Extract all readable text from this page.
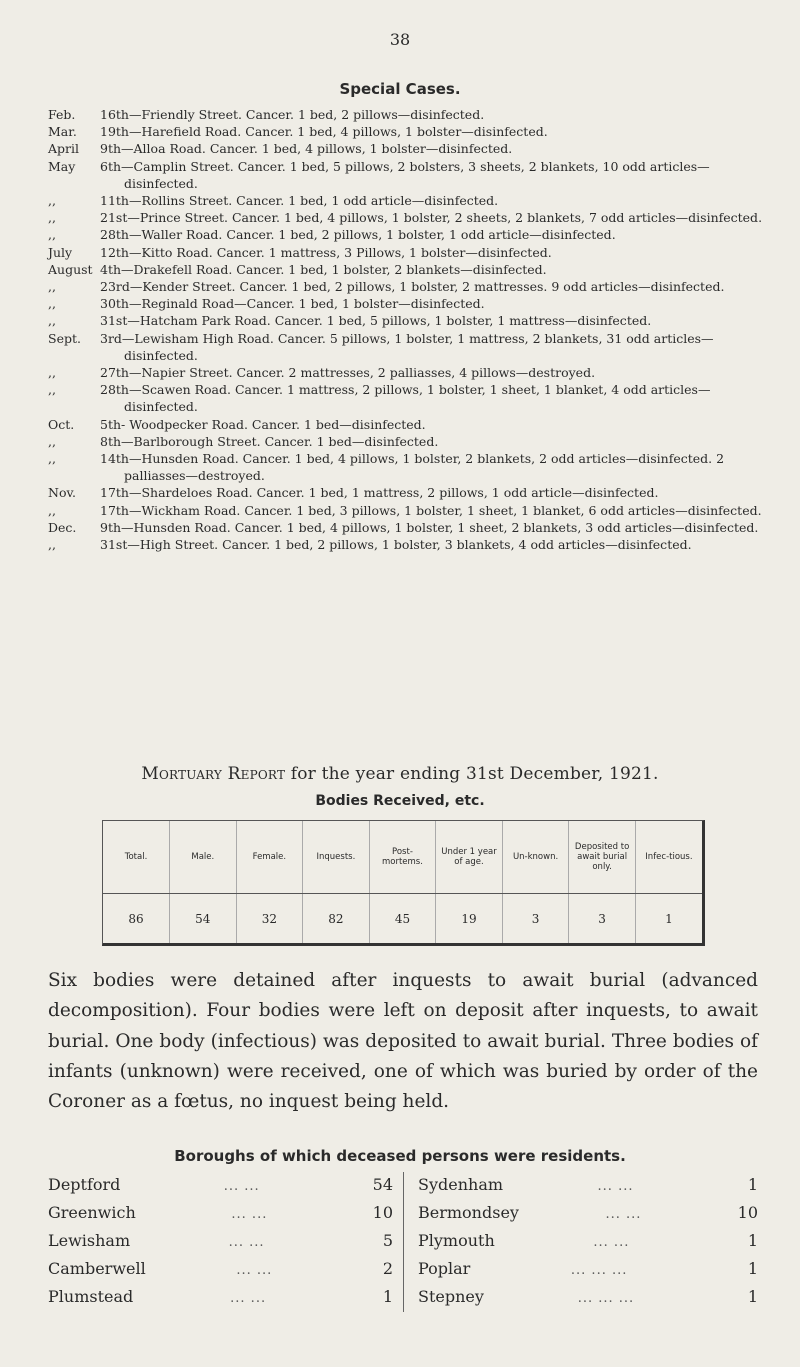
38
Special Cases.
Feb.	16th—Friendly Street. Cancer. 1 bed, 2 pillows—disinfected.
Mar.	19th—Harefield Road. Cancer. 1 bed, 4 pillows, 1 bolster—disinfected.
April	9th—Alloa Road. Cancer. 1 bed, 4 pillows, 1 bolster—disinfected.
May	6th—Camplin Street. Cancer. 1 bed, 5 pillows, 2 bolsters, 3 sheets, 2 blankets, 10 odd articles—disinfected.
,,	11th—Rollins Street. Cancer. 1 bed, 1 odd article—disinfected.
,,	21st—Prince Street. Cancer. 1 bed, 4 pillows, 1 bolster, 2 sheets, 2 blankets, 7 odd articles—disinfected.
,,	28th—Waller Road. Cancer. 1 bed, 2 pillows, 1 bolster, 1 odd article—disinfected.
July	12th—Kitto Road. Cancer. 1 mattress, 3 Pillows, 1 bolster—disinfected.
August 4th—Drakefell Road. Cancer. 1 bed, 1 bolster, 2 blankets—disinfected.
,,	23rd—Kender Street. Cancer. 1 bed, 2 pillows, 1 bolster, 2 mattresses. 9 odd articles—disinfected.
,,	30th—Reginald Road—Cancer. 1 bed, 1 bolster—disinfected.
,,	31st—Hatcham Park Road. Cancer. 1 bed, 5 pillows, 1 bolster, 1 mattress—disinfected.
Sept.	3rd—Lewisham High Road. Cancer. 5 pillows, 1 bolster, 1 mattress, 2 blankets, 31 odd articles—disinfected.
,,	27th—Napier Street. Cancer. 2 mattresses, 2 palliasses, 4 pillows—destroyed.
,,	28th—Scawen Road. Cancer. 1 mattress, 2 pillows, 1 bolster, 1 sheet, 1 blanket, 4 odd articles—disinfected.
Oct.	5th- Woodpecker Road. Cancer. 1 bed—disinfected.
,,	8th—Barlborough Street. Cancer. 1 bed—disinfected.
,,	14th—Hunsden Road. Cancer. 1 bed, 4 pillows, 1 bolster, 2 blankets, 2 odd articles—disinfected. 2 palliasses—destroyed.
Nov.	17th—Shardeloes Road. Cancer. 1 bed, 1 mattress, 2 pillows, 1 odd article—disinfected.
,,	17th—Wickham Road. Cancer. 1 bed, 3 pillows, 1 bolster, 1 sheet, 1 blanket, 6 odd articles—disinfected.
Dec.	9th—Hunsden Road. Cancer. 1 bed, 4 pillows, 1 bolster, 1 sheet, 2 blankets, 3 odd articles—disinfected.
,,	31st—High Street. Cancer. 1 bed, 2 pillows, 1 bolster, 3 blankets, 4 odd articles—disinfected.
Mortuary Report for the year ending 31st December, 1921.
Bodies Received, etc.
Total.	Male.	Female.	Inquests.	Post-mortems.	Under 1 year of age.	Un-known.	Deposited to await burial only.	Infec-tious.
86	54	32	82	45	19	3	3	1
Six bodies were detained after inquests to await burial (advanced decomposition). Four bodies were left on deposit after inquests, to await burial. One body (infectious) was deposited to await burial. Three bodies of infants (unknown) were received, one of which was buried by order of the Coroner as a fœtus, no inquest being held.
Boroughs of which deceased persons were residents.
Deptford	... ...	54
Greenwich	... ...	10
Lewisham	... ...	5
Camberwell	... ...	2
Plumstead	... ...	1
Sydenham	... ...	1
Bermondsey	... ...	10
Plymouth	... ...	1
Poplar	... ... ...	1
Stepney	... ... ...	1
